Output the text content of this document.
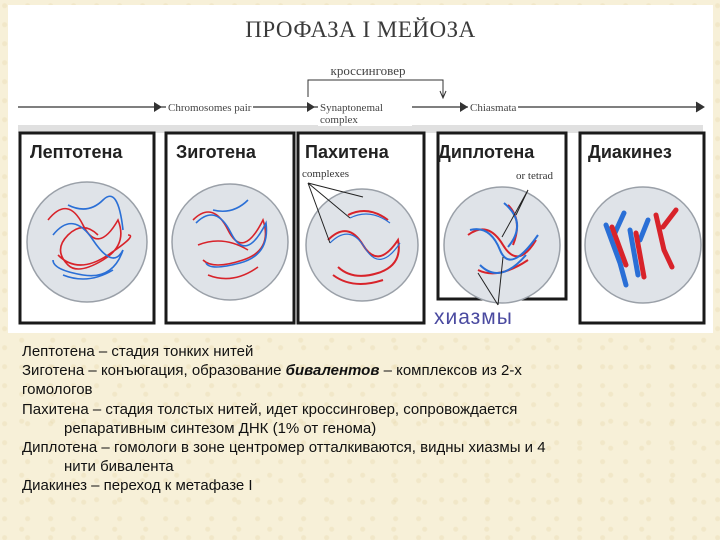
ПРОФАЗА I МЕЙОЗА
кроссинговер
Chromosomes pair	Synaptonemal complex
Chiasmata
Лептотена	Зиготена	Пахитена	Диплотена	Диакинез
complexes	or tetrad
хиазмы

Лептотена – стадия тонких нитей

Зиготена – конъюгация, образование бивалентов – комплексов из 2-х

гомологов

Пахитена – стадия толстых нитей, идет кроссинговер, сопровождается

репаративным синтезом ДНК (1% от генома)

Диплотена – гомологи в зоне центромер отталкиваются, видны хиазмы и 4

нити бивалента

Диакинез – переход к метафазе I
